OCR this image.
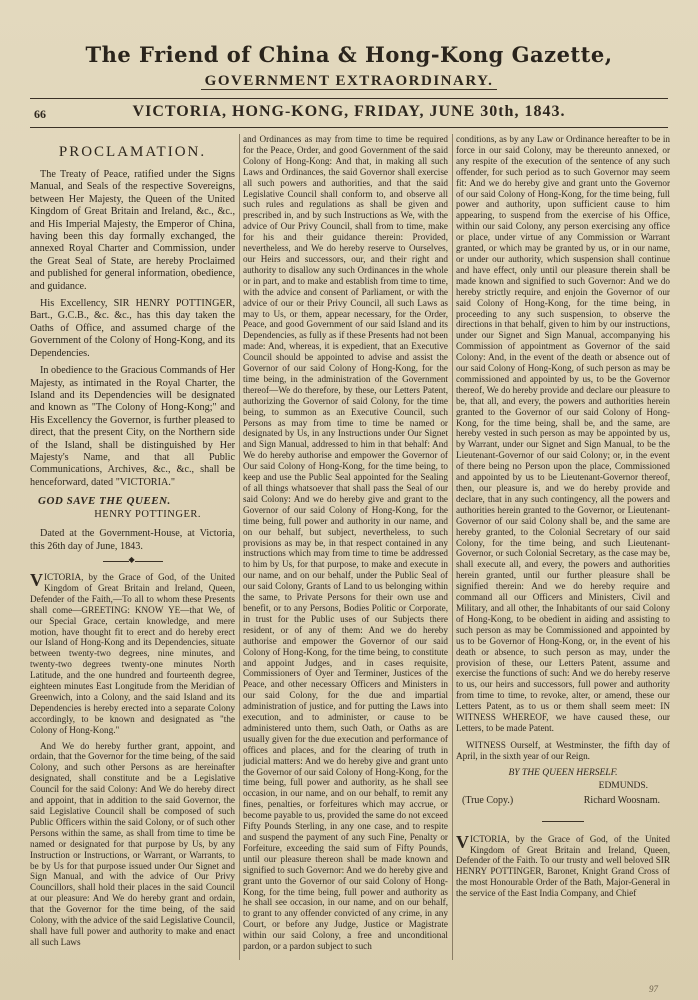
The Friend of China & Hong-Kong Gazette,
GOVERNMENT EXTRAORDINARY.
66	VICTORIA, HONG-KONG, FRIDAY, JUNE 30th, 1843.
PROCLAMATION.

The Treaty of Peace, ratified under the Signs Manual, and Seals of the respective Sovereigns, between Her Majesty, the Queen of the United Kingdom of Great Britain and Ireland, &c., &c., and His Imperial Majesty, the Emperor of China, having been this day formally exchanged, the annexed Royal Charter and Commission, under the Great Seal of State, are hereby Proclaimed and published for general information, obedience, and guidance.

His Excellency, SIR HENRY POTTINGER, Bart., G.C.B., &c. &c., has this day taken the Oaths of Office, and assumed charge of the Government of the Colony of Hong-Kong, and its Dependencies.

In obedience to the Gracious Commands of Her Majesty, as intimated in the Royal Charter, the Island and its Dependencies will be designated and known as "The Colony of Hong-Kong;" and His Excellency the Governor, is further pleased to direct, that the present City, on the Northern side of the Island, shall be distinguished by Her Majesty's Name, and that all Public Communications, Archives, &c., &c., shall be henceforward, dated "VICTORIA."

GOD SAVE THE QUEEN.
HENRY POTTINGER.

Dated at the Government-House, at Victoria, this 26th day of June, 1843.

◆

VICTORIA, by the Grace of God, of the United Kingdom of Great Britain and Ireland, Queen, Defender of the Faith,—To all to whom these Presents shall come—GREETING: KNOW YE—that We, of our Special Grace, certain knowledge, and mere motion, have thought fit to erect and do hereby erect our Island of Hong-Kong and its Dependencies, situate between twenty-two degrees, nine minutes, and twenty-two degrees twenty-one minutes North Latitude, and the one hundred and fourteenth degree, eighteen minutes East Longitude from the Meridian of Greenwich, into a Colony, and the said Island and its Dependencies is hereby erected into a separate Colony accordingly, to be known and designated as "the Colony of Hong-Kong."

And We do hereby further grant, appoint, and ordain, that the Governor for the time being, of the said Colony, and such other Persons as are hereinafter designated, shall constitute and be a Legislative Council for the said Colony: And We do hereby direct and appoint, that in addition to the said Governor, the said Legislative Council shall be composed of such Public Officers within the said Colony, or of such other Persons within the same, as shall from time to time be named or designated for that purpose by Us, by any Instruction or Instructions, or Warrant, or Warrants, to be by Us for that purpose issued under Our Signet and Sign Manual, and with the advice of Our Privy Councillors, shall hold their places in the said Council at our pleasure: And We do hereby grant and ordain, that the Governor for the time being, of the said Colony, with the advice of the said Legislative Council, shall have full power and authority to make and enact all such Laws

and Ordinances as may from time to time be required for the Peace, Order, and good Government of the said Colony of Hong-Kong: And that, in making all such Laws and Ordinances, the said Governor shall exercise all such powers and authorities, and that the said Legislative Council shall conform to, and observe all such rules and regulations as shall be given and prescribed in, and by such Instructions as We, with the advice of Our Privy Council, shall from to time, make for his and their guidance therein: Provided, nevertheless, and We do hereby reserve to Ourselves, our Heirs and successors, our, and their right and authority to disallow any such Ordinances in the whole or in part, and to make and establish from time to time, with the advice and consent of Parliament, or with the advice of our or their Privy Council, all such Laws as may to Us, or them, appear necessary, for the Order, Peace, and good Government of our said Island and its Dependencies, as fully as if these Presents had not been made: And, whereas, it is expedient, that an Executive Council should be appointed to advise and assist the Governor of our said Colony of Hong-Kong, for the time being, in the administration of the Government thereof—We do therefore, by these, our Letters Patent, authorizing the Governor of said Colony, for the time being, to summon as an Executive Council, such Persons as may from time to time be named or designated by Us, in any Instructions under Our Signet and Sign Manual, addressed to him in that behalf: And We do hereby authorise and empower the Governor of Our said Colony of Hong-Kong, for the time being, to keep and use the Public Seal appointed for the Sealing of all things whatsoever that shall pass the Seal of our said Colony: And we do hereby give and grant to the Governor of our said Colony of Hong-Kong, for the time being, full power and authority in our name, and on our behalf, but subject, nevertheless, to such provisions as may be, in that respect contained in any instructions which may from time to time be addressed to him by Us, for that purpose, to make and execute in our name, and on our behalf, under the Public Seal of our said Colony, Grants of Land to us belonging within the same, to Private Persons for their own use and benefit, or to any Persons, Bodies Politic or Corporate, in trust for the Public uses of our Subjects there resident, or of any of them: And we do hereby authorise and empower the Governor of our said Colony of Hong-Kong, for the time being, to constitute and appoint Judges, and in cases requisite, Commissioners of Oyer and Terminer, Justices of the Peace, and other necessary Officers and Ministers in our said Colony, for the due and impartial administration of justice, and for putting the Laws into execution, and to administer, or cause to be administered unto them, such Oath, or Oaths as are usually given for the due execution and performance of offices and places, and for the clearing of truth in judicial matters: And we do hereby give and grant unto the Governor of our said Colony of Hong-Kong, for the time being, full power and authority, as he shall see occasion, in our name, and on our behalf, to remit any fines, penalties, or forfeitures which may accrue, or become payable to us, provided the same do not exceed Fifty Pounds Sterling, in any one case, and to respite and suspend the payment of any such Fine, Penalty or Forfeiture, exceeding the said sum of Fifty Pounds, until our pleasure thereon shall be made known and signified to such Governor: And we do hereby give and grant unto the Governor of our said Colony of Hong-Kong, for the time being, full power and authority as he shall see occasion, in our name, and on our behalf, to grant to any offender convicted of any crime, in any Court, or before any Judge, Justice or Magistrate within our said Colony, a free and unconditional pardon, or a pardon subject to such

conditions, as by any Law or Ordinance hereafter to be in force in our said Colony, may be thereunto annexed, or any respite of the execution of the sentence of any such offender, for such period as to such Governor may seem fit: And we do hereby give and grant unto the Governor of our said Colony of Hong-Kong, for the time being, full power and authority, upon sufficient cause to him appearing, to suspend from the exercise of his Office, within our said Colony, any person exercising any office or place, under virtue of any Commission or Warrant granted, or which may be granted by us, or in our name, or under our authority, which suspension shall continue and have effect, only until our pleasure therein shall be made known and signified to such Governor: And we do hereby strictly require, and enjoin the Governor of our said Colony of Hong-Kong, for the time being, in proceeding to any such suspension, to observe the directions in that behalf, given to him by our instructions, under our Signet and Sign Manual, accompanying his Commission of appointment as Governor of the said Colony: And, in the event of the death or absence out of our said Colony of Hong-Kong, of such person as may be commissioned and appointed by us, to be the Governor thereof, We do hereby provide and declare our pleasure to be, that all, and every, the powers and authorities herein granted to the Governor of our said Colony of Hong-Kong, for the time being, shall be, and the same, are hereby vested in such person as may be appointed by us, by Warrant, under our Signet and Sign Manual, to be the Lieutenant-Governor of our said Colony; or, in the event of there being no Person upon the place, Commissioned and appointed by us to be Lieutenant-Governor thereof, then, our pleasure is, and we do hereby provide and declare, that in any such contingency, all the powers and authorities herein granted to the Governor, or Lieutenant-Governor of our said Colony shall be, and the same are hereby granted, to the Colonial Secretary of our said Colony, for the time being, and such Lieutenant-Governor, or such Colonial Secretary, as the case may be, shall execute all, and every, the powers and authorities herein granted, until our further pleasure shall be signified therein: And we do hereby require and command all our Officers and Ministers, Civil and Military, and all other, the Inhabitants of our said Colony of Hong-Kong, to be obedient in aiding and assisting to such person as may be Commissioned and appointed by us to be Governor of Hong-Kong, or, in the event of his death or absence, to such person as may, under the provision of these, our Letters Patent, assume and exercise the functions of such: And we do hereby reserve to us, our heirs and successors, full power and authority from time to time, to revoke, alter, or amend, these our Letters Patent, as to us or them shall seem meet: IN WITNESS WHEREOF, we have caused these, our Letters, to be made Patent.

WITNESS Ourself, at Westminster, the fifth day of April, in the sixth year of our Reign.

BY THE QUEEN HERSELF.
EDMUNDS.
(True Copy.)	Richard Woosnam.

VICTORIA, by the Grace of God, of the United Kingdom of Great Britain and Ireland, Queen, Defender of the Faith. To our trusty and well beloved SIR HENRY POTTINGER, Baronet, Knight Grand Cross of the most Honourable Order of the Bath, Major-General in the service of the East India Company, and Chief

97
